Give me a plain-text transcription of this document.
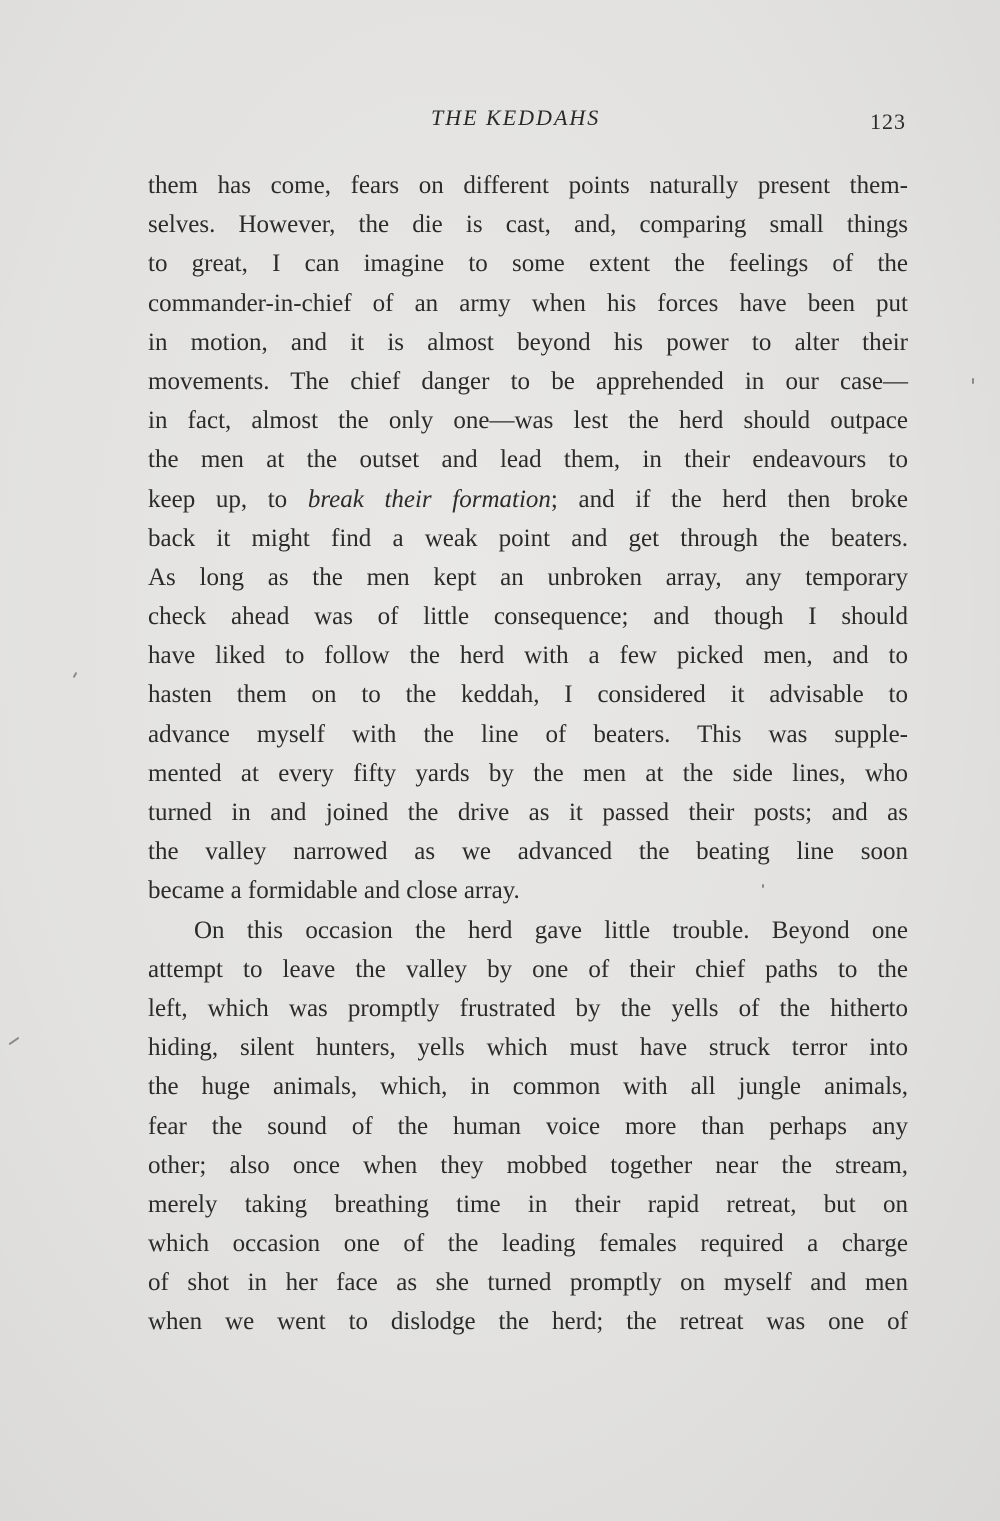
THE KEDDAHS	123
them has come, fears on different points naturally present them-
selves. However, the die is cast, and, comparing small things
to great, I can imagine to some extent the feelings of the
commander-in-chief of an army when his forces have been put
in motion, and it is almost beyond his power to alter their
movements. The chief danger to be apprehended in our case—
in fact, almost the only one—was lest the herd should outpace
the men at the outset and lead them, in their endeavours to
keep up, to break their formation; and if the herd then broke
back it might find a weak point and get through the beaters.
As long as the men kept an unbroken array, any temporary
check ahead was of little consequence; and though I should
have liked to follow the herd with a few picked men, and to
hasten them on to the keddah, I considered it advisable to
advance myself with the line of beaters. This was supple-
mented at every fifty yards by the men at the side lines, who
turned in and joined the drive as it passed their posts; and as
the valley narrowed as we advanced the beating line soon
became a formidable and close array.
On this occasion the herd gave little trouble. Beyond one
attempt to leave the valley by one of their chief paths to the
left, which was promptly frustrated by the yells of the hitherto
hiding, silent hunters, yells which must have struck terror into
the huge animals, which, in common with all jungle animals,
fear the sound of the human voice more than perhaps any
other; also once when they mobbed together near the stream,
merely taking breathing time in their rapid retreat, but on
which occasion one of the leading females required a charge
of shot in her face as she turned promptly on myself and men
when we went to dislodge the herd; the retreat was one of
